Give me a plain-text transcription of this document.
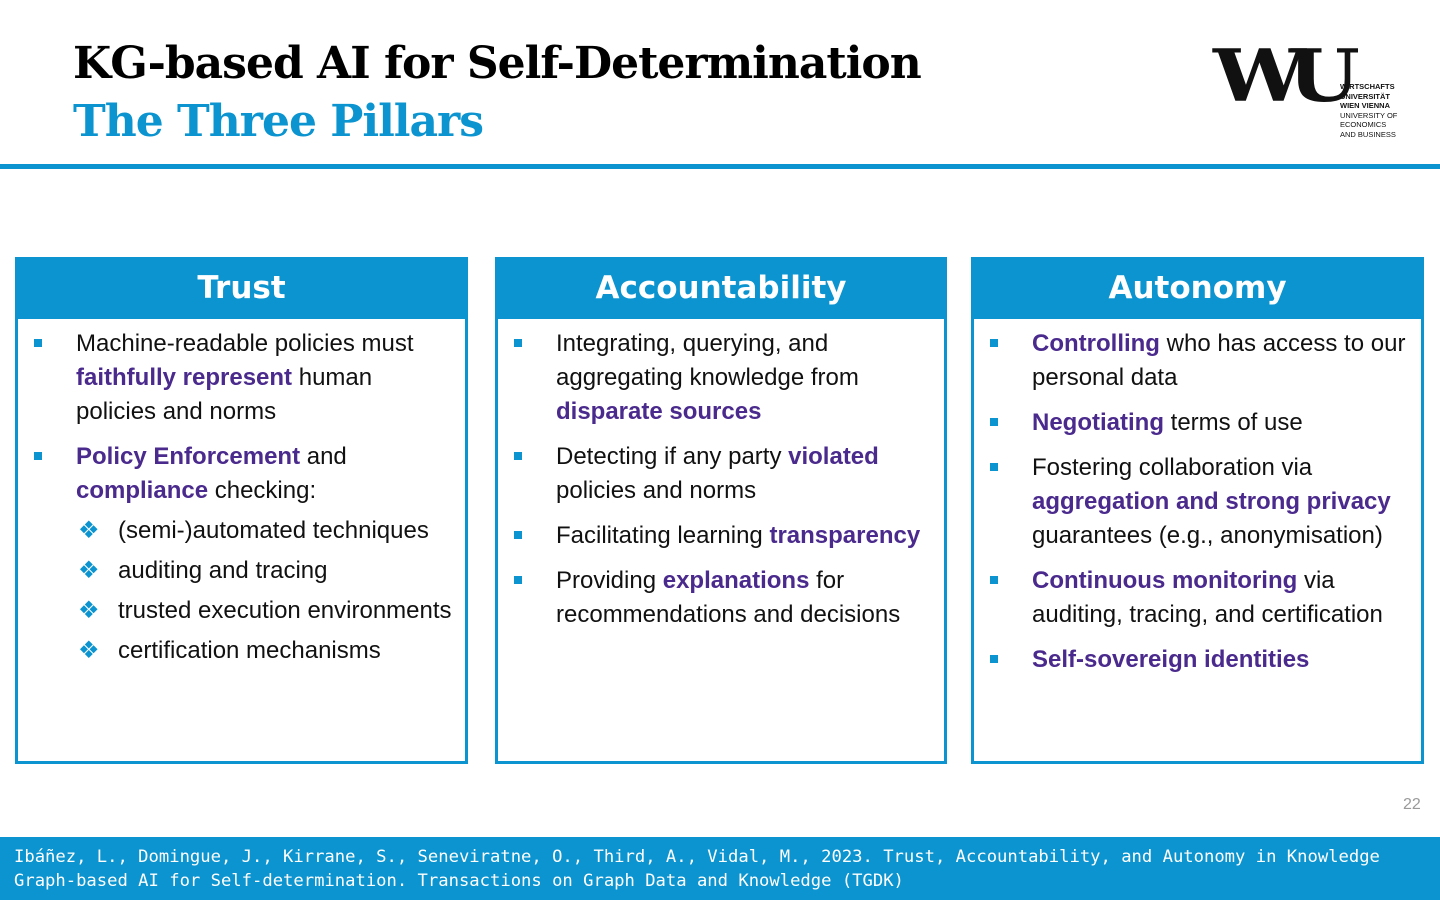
KG-based AI for Self-Determination
The Three Pillars
WU
WIRTSCHAFTS
UNIVERSITÄT
WIEN VIENNA
UNIVERSITY OF
ECONOMICS
AND BUSINESS
Trust
Machine-readable policies must faithfully represent human policies and norms
Policy Enforcement and compliance checking:
❖ (semi-)automated techniques
❖ auditing and tracing
❖ trusted execution environments
❖ certification mechanisms
Accountability
Integrating, querying, and aggregating knowledge from disparate sources
Detecting if any party violated policies and norms
Facilitating learning transparency
Providing explanations for recommendations and decisions
Autonomy
Controlling who has access to our personal data
Negotiating terms of use
Fostering collaboration via aggregation and strong privacy guarantees (e.g., anonymisation)
Continuous monitoring via auditing, tracing, and certification
Self-sovereign identities
22
Ibáñez, L., Domingue, J., Kirrane, S., Seneviratne, O., Third, A., Vidal, M., 2023. Trust, Accountability, and Autonomy in Knowledge Graph-based AI for Self-determination. Transactions on Graph Data and Knowledge (TGDK)
